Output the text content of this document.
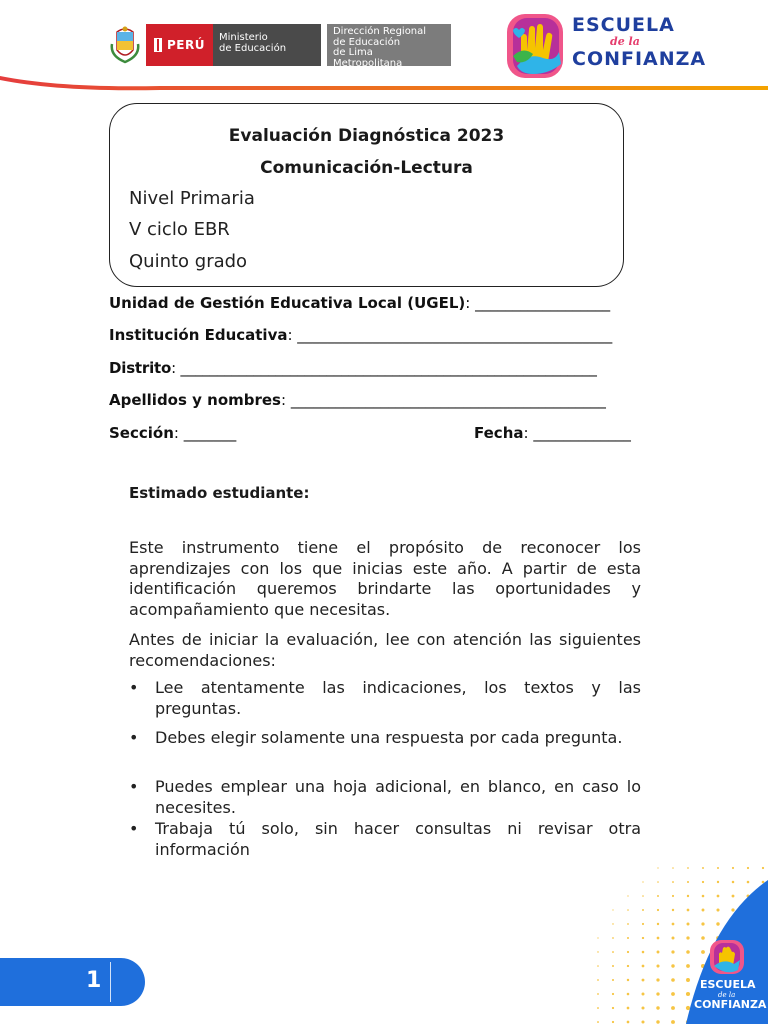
PERÚ
Ministerio
de Educación
Dirección Regional
de Educación
de Lima Metropolitana
ESCUELA
de la
CONFIANZA
Evaluación Diagnóstica 2023
Comunicación-Lectura
Nivel Primaria
V ciclo EBR
Quinto grado
Unidad de Gestión Educativa Local (UGEL): __________________
Institución Educativa: __________________________________________
Distrito: _________________________________________________________
Apellidos y nombres: __________________________________________
Sección: _______	Fecha: _____________
Estimado estudiante:
Este instrumento tiene el propósito de reconocer los aprendizajes con los que inicias este año. A partir de esta identificación queremos brindarte las oportunidades y acompañamiento que necesitas.
Antes de iniciar la evaluación, lee con atención las siguientes recomendaciones:
•	Lee atentamente las indicaciones, los textos y las preguntas.
•	Debes elegir solamente una respuesta por cada pregunta.
•	Puedes emplear una hoja adicional, en blanco, en caso lo necesites.
•	Trabaja tú solo, sin hacer consultas ni revisar otra información
1	ESCUELA
de la
CONFIANZA
